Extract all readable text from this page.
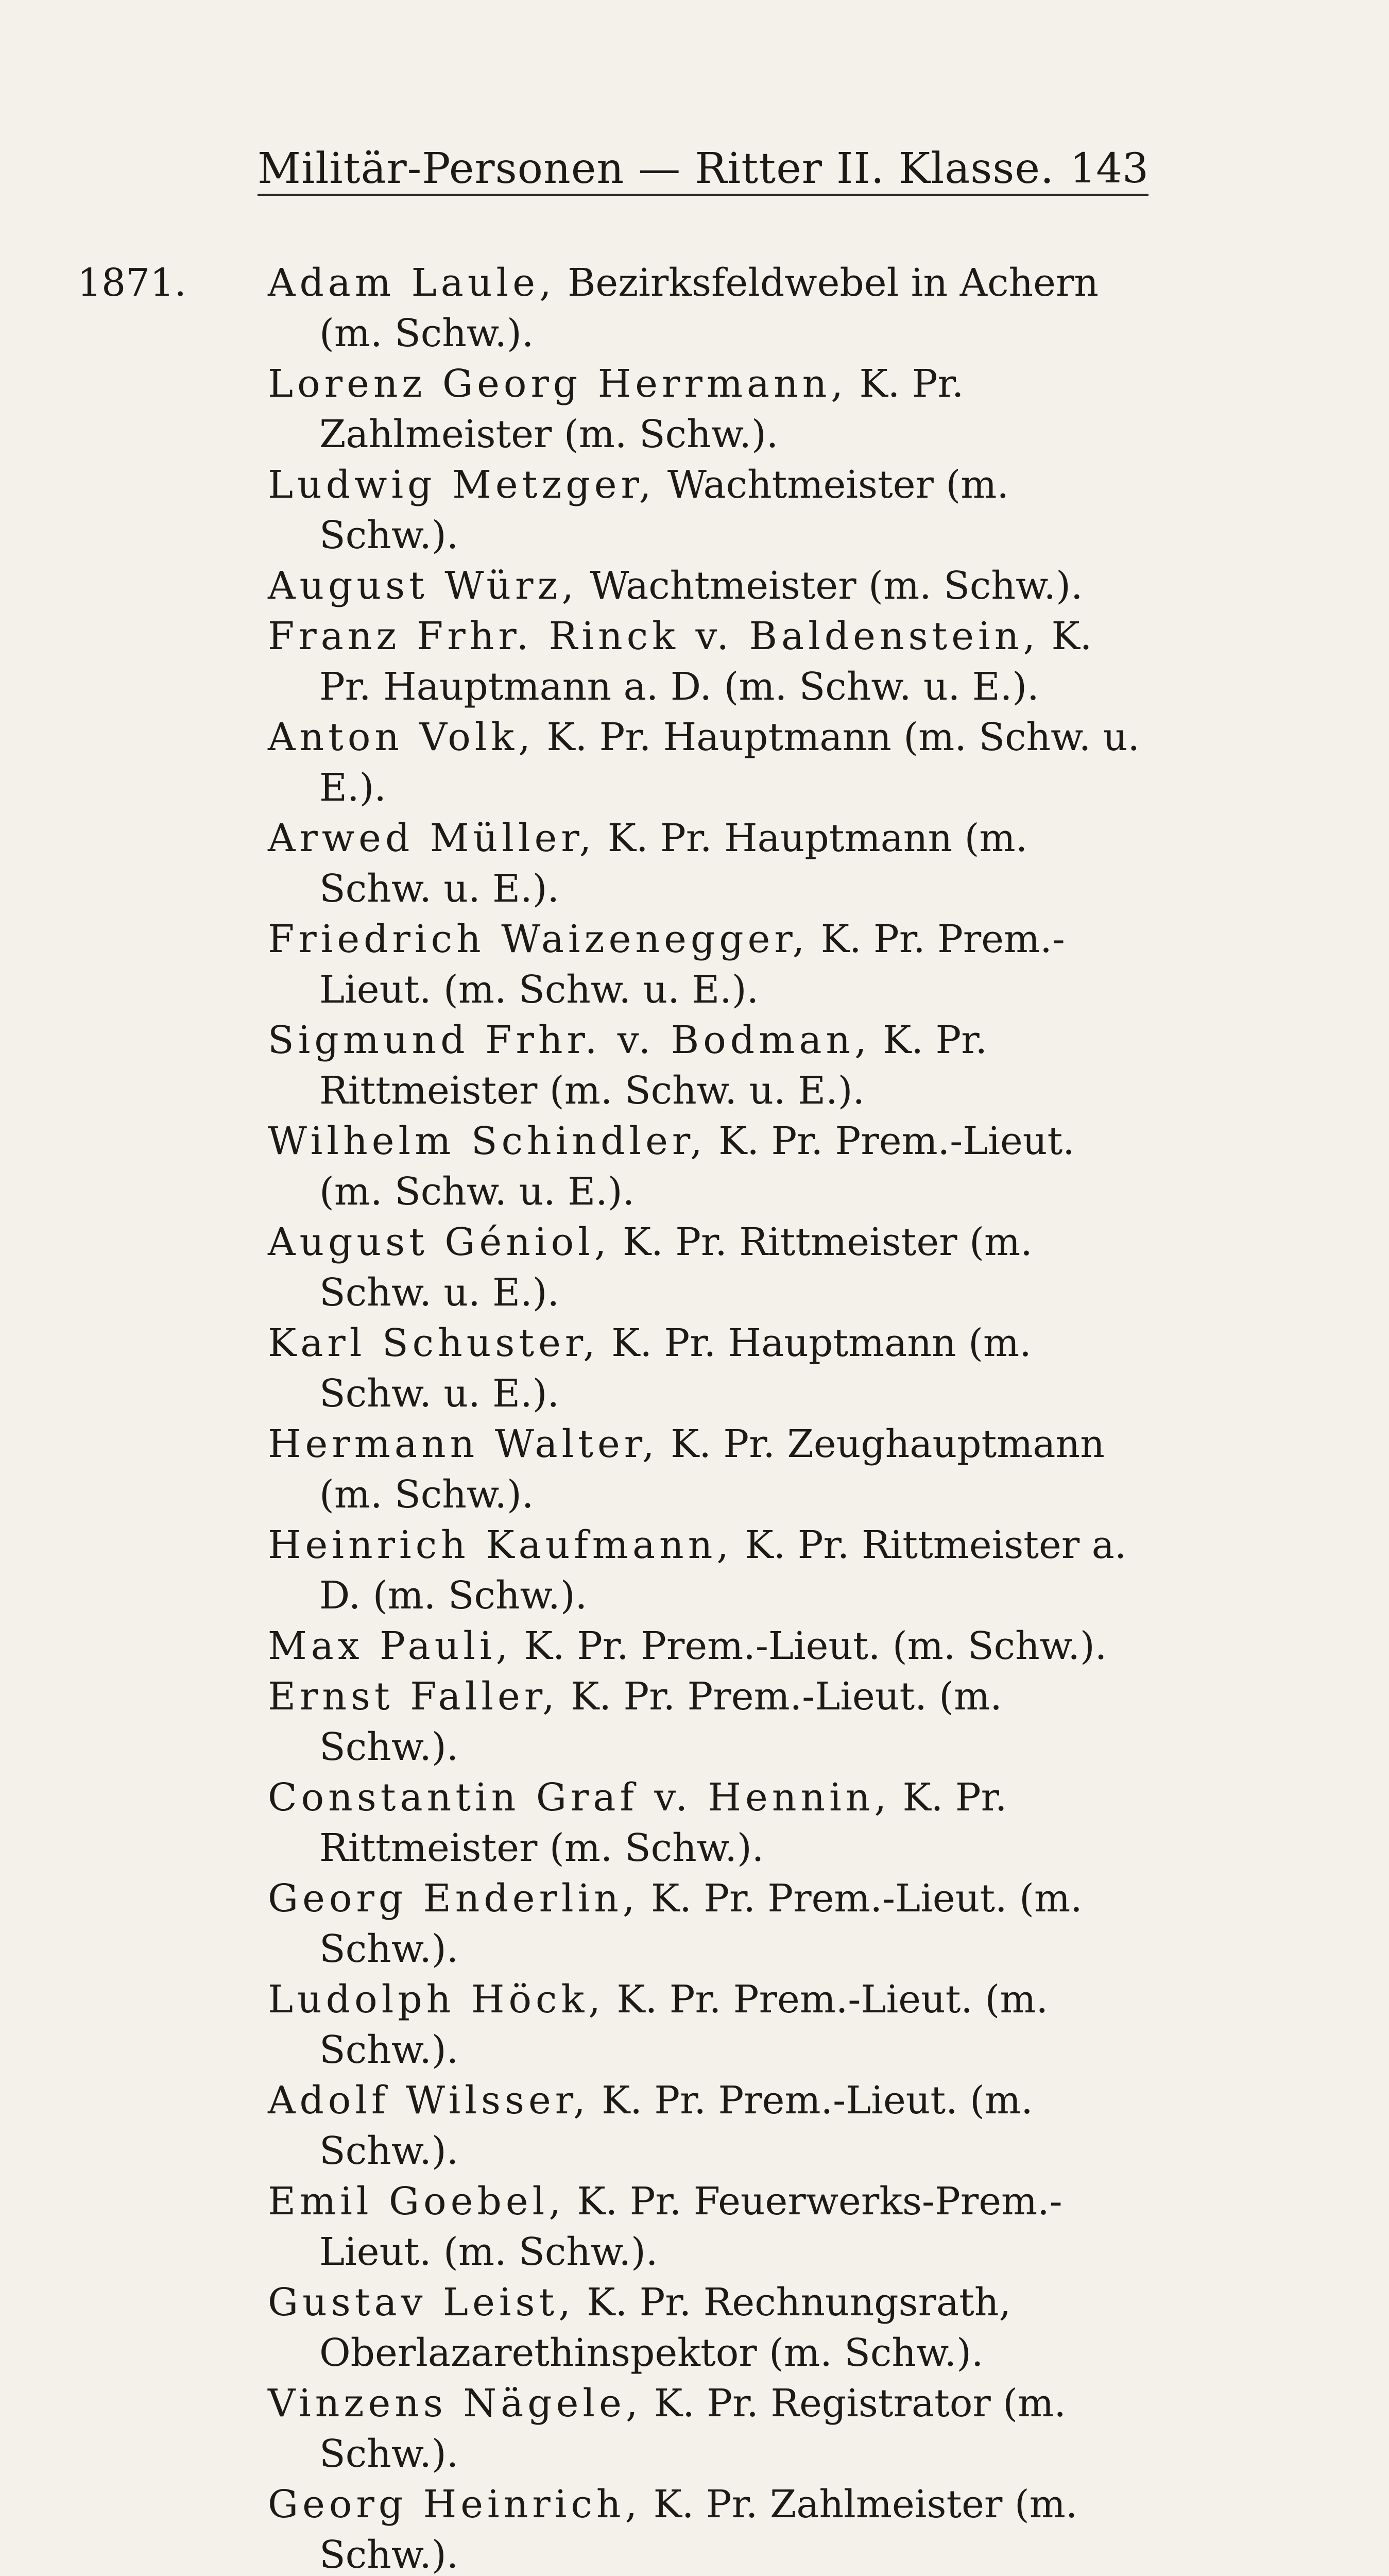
Militär-Personen — Ritter II. Klasse. 143

1871. Adam Laule, Bezirksfeldwebel in Achern (m. Schw.).

Lorenz Georg Herrmann, K. Pr. Zahlmeister (m. Schw.).

Ludwig Metzger, Wachtmeister (m. Schw.).

August Würz, Wachtmeister (m. Schw.).

Franz Frhr. Rinck v. Baldenstein, K. Pr. Hauptmann a. D. (m. Schw. u. E.).

Anton Volk, K. Pr. Hauptmann (m. Schw. u. E.).

Arwed Müller, K. Pr. Hauptmann (m. Schw. u. E.).

Friedrich Waizenegger, K. Pr. Prem.-Lieut. (m. Schw. u. E.).

Sigmund Frhr. v. Bodman, K. Pr. Rittmeister (m. Schw. u. E.).

Wilhelm Schindler, K. Pr. Prem.-Lieut. (m. Schw. u. E.).

August Géniol, K. Pr. Rittmeister (m. Schw. u. E.).

Karl Schuster, K. Pr. Hauptmann (m. Schw. u. E.).

Hermann Walter, K. Pr. Zeughauptmann (m. Schw.).

Heinrich Kaufmann, K. Pr. Rittmeister a. D. (m. Schw.).

Max Pauli, K. Pr. Prem.-Lieut. (m. Schw.).

Ernst Faller, K. Pr. Prem.-Lieut. (m. Schw.).

Constantin Graf v. Hennin, K. Pr. Rittmeister (m. Schw.).

Georg Enderlin, K. Pr. Prem.-Lieut. (m. Schw.).

Ludolph Höck, K. Pr. Prem.-Lieut. (m. Schw.).

Adolf Wilsser, K. Pr. Prem.-Lieut. (m. Schw.).

Emil Goebel, K. Pr. Feuerwerks-Prem.-Lieut. (m. Schw.).

Gustav Leist, K. Pr. Rechnungsrath, Oberlazarethinspektor (m. Schw.).

Vinzens Nägele, K. Pr. Registrator (m. Schw.).

Georg Heinrich, K. Pr. Zahlmeister (m. Schw.).
